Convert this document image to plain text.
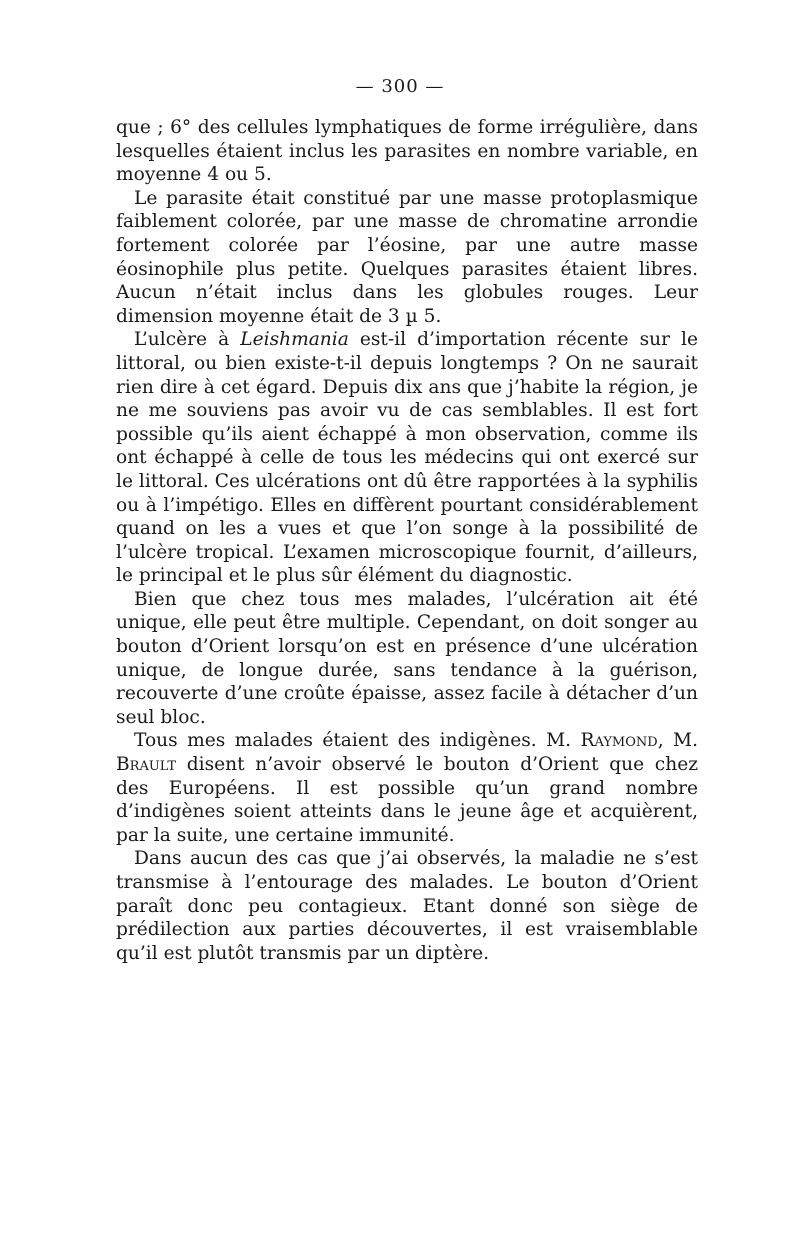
— 300 —

que ; 6° des cellules lymphatiques de forme irrégulière, dans lesquelles étaient inclus les parasites en nombre variable, en moyenne 4 ou 5.

Le parasite était constitué par une masse protoplasmique faiblement colorée, par une masse de chromatine arrondie fortement colorée par l’éosine, par une autre masse éosinophile plus petite. Quelques parasites étaient libres. Aucun n’était inclus dans les globules rouges. Leur dimension moyenne était de 3 µ 5.

L’ulcère à Leishmania est-il d’importation récente sur le littoral, ou bien existe-t-il depuis longtemps ? On ne saurait rien dire à cet égard. Depuis dix ans que j’habite la région, je ne me souviens pas avoir vu de cas semblables. Il est fort possible qu’ils aient échappé à mon observation, comme ils ont échappé à celle de tous les médecins qui ont exercé sur le littoral. Ces ulcérations ont dû être rapportées à la syphilis ou à l’impétigo. Elles en diffèrent pourtant considérablement quand on les a vues et que l’on songe à la possibilité de l’ulcère tropical. L’examen microscopique fournit, d’ailleurs, le principal et le plus sûr élément du diagnostic.

Bien que chez tous mes malades, l’ulcération ait été unique, elle peut être multiple. Cependant, on doit songer au bouton d’Orient lorsqu’on est en présence d’une ulcération unique, de longue durée, sans tendance à la guérison, recouverte d’une croûte épaisse, assez facile à détacher d’un seul bloc.

Tous mes malades étaient des indigènes. M. Raymond, M. Brault disent n’avoir observé le bouton d’Orient que chez des Européens. Il est possible qu’un grand nombre d’indigènes soient atteints dans le jeune âge et acquièrent, par la suite, une certaine immunité.

Dans aucun des cas que j’ai observés, la maladie ne s’est transmise à l’entourage des malades. Le bouton d’Orient paraît donc peu contagieux. Etant donné son siège de prédilection aux parties découvertes, il est vraisemblable qu’il est plutôt transmis par un diptère.
